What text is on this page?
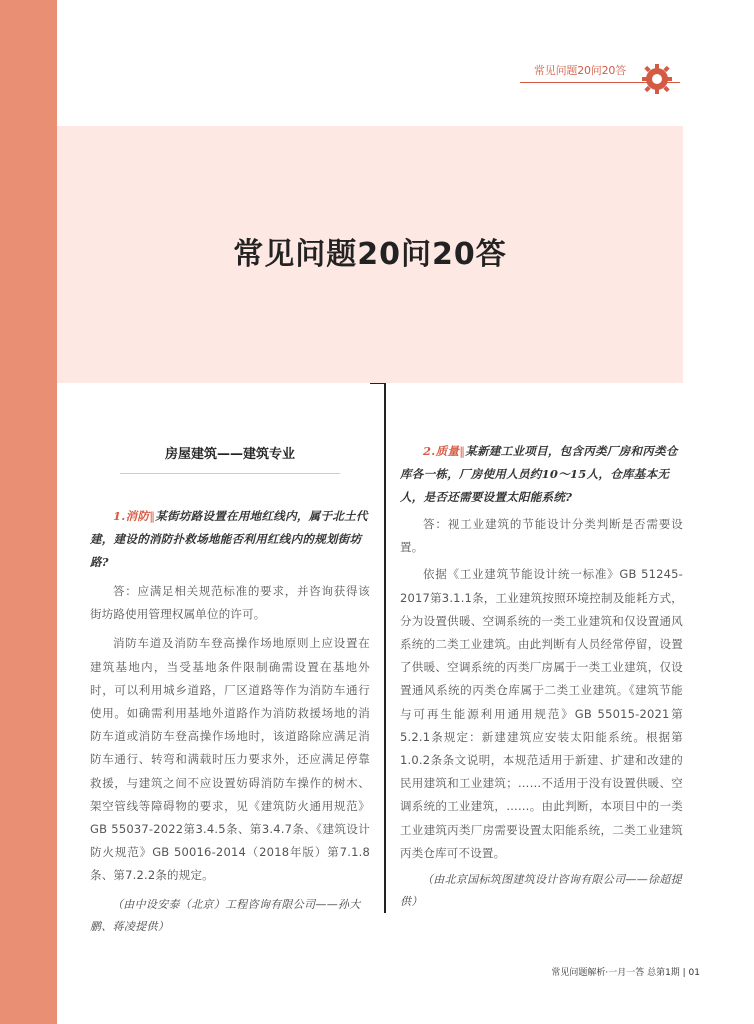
常见问题20问20答
常见问题20问20答
房屋建筑——建筑专业

1.消防‖某街坊路设置在用地红线内，属于北土代建，建设的消防扑救场地能否利用红线内的规划街坊路?

答：应满足相关规范标准的要求，并咨询获得该街坊路使用管理权属单位的许可。

消防车道及消防车登高操作场地原则上应设置在建筑基地内，当受基地条件限制确需设置在基地外时，可以利用城乡道路，厂区道路等作为消防车通行使用。如确需利用基地外道路作为消防救援场地的消防车道或消防车登高操作场地时，该道路除应满足消防车通行、转弯和满载时压力要求外，还应满足停靠救援，与建筑之间不应设置妨碍消防车操作的树木、架空管线等障碍物的要求，见《建筑防火通用规范》GB 55037-2022第3.4.5条、第3.4.7条、《建筑设计防火规范》GB 50016-2014（2018年版）第7.1.8条、第7.2.2条的规定。

（由中设安泰（北京）工程咨询有限公司——孙大鹏、蒋凌提供）

2.质量‖某新建工业项目，包含丙类厂房和丙类仓库各一栋，厂房使用人员约10～15人，仓库基本无人，是否还需要设置太阳能系统?

答：视工业建筑的节能设计分类判断是否需要设置。

依据《工业建筑节能设计统一标准》GB 51245-2017第3.1.1条，工业建筑按照环境控制及能耗方式，分为设置供暖、空调系统的一类工业建筑和仅设置通风系统的二类工业建筑。由此判断有人员经常停留，设置了供暖、空调系统的丙类厂房属于一类工业建筑，仅设置通风系统的丙类仓库属于二类工业建筑。《建筑节能与可再生能源利用通用规范》GB 55015-2021第5.2.1条规定：新建建筑应安装太阳能系统。根据第1.0.2条条文说明，本规范适用于新建、扩建和改建的民用建筑和工业建筑；……不适用于没有设置供暖、空调系统的工业建筑，……。由此判断，本项目中的一类工业建筑丙类厂房需要设置太阳能系统，二类工业建筑丙类仓库可不设置。

（由北京国标筑图建筑设计咨询有限公司——徐超提供）

常见问题解析·一月一答 总第1期 | 01
